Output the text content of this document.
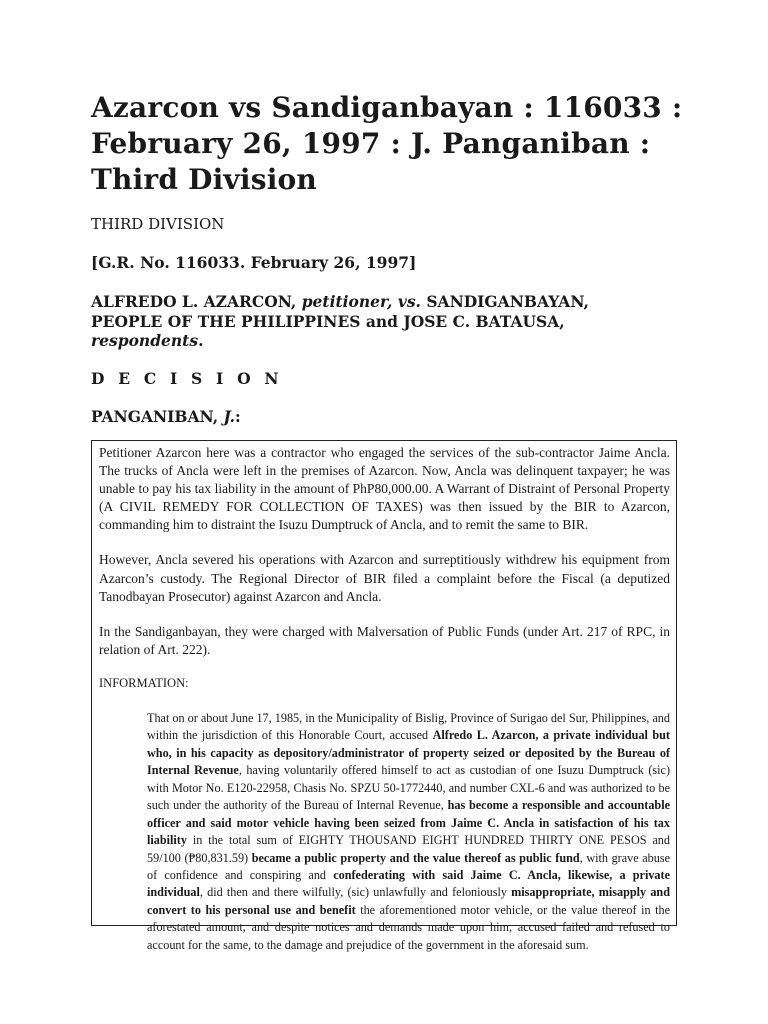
Azarcon vs Sandiganbayan : 116033 : February 26, 1997 : J. Panganiban : Third Division
THIRD DIVISION
[G.R. No. 116033. February 26, 1997]
ALFREDO L. AZARCON, petitioner, vs. SANDIGANBAYAN, PEOPLE OF THE PHILIPPINES and JOSE C. BATAUSA, respondents.
D E C I S I O N
PANGANIBAN, J.:

Petitioner Azarcon here was a contractor who engaged the services of the sub-contractor Jaime Ancla. The trucks of Ancla were left in the premises of Azarcon. Now, Ancla was delinquent taxpayer; he was unable to pay his tax liability in the amount of PhP80,000.00. A Warrant of Distraint of Personal Property (A CIVIL REMEDY FOR COLLECTION OF TAXES) was then issued by the BIR to Azarcon, commanding him to distraint the Isuzu Dumptruck of Ancla, and to remit the same to BIR.

However, Ancla severed his operations with Azarcon and surreptitiously withdrew his equipment from Azarcon’s custody. The Regional Director of BIR filed a complaint before the Fiscal (a deputized Tanodbayan Prosecutor) against Azarcon and Ancla.

In the Sandiganbayan, they were charged with Malversation of Public Funds (under Art. 217 of RPC, in relation of Art. 222).

INFORMATION:

That on or about June 17, 1985, in the Municipality of Bislig, Province of Surigao del Sur, Philippines, and within the jurisdiction of this Honorable Court, accused Alfredo L. Azarcon, a private individual but who, in his capacity as depository/administrator of property seized or deposited by the Bureau of Internal Revenue, having voluntarily offered himself to act as custodian of one Isuzu Dumptruck (sic) with Motor No. E120-22958, Chasis No. SPZU 50-1772440, and number CXL-6 and was authorized to be such under the authority of the Bureau of Internal Revenue, has become a responsible and accountable officer and said motor vehicle having been seized from Jaime C. Ancla in satisfaction of his tax liability in the total sum of EIGHTY THOUSAND EIGHT HUNDRED THIRTY ONE PESOS and 59/100 (₱80,831.59) became a public property and the value thereof as public fund, with grave abuse of confidence and conspiring and confederating with said Jaime C. Ancla, likewise, a private individual, did then and there wilfully, (sic) unlawfully and feloniously misappropriate, misapply and convert to his personal use and benefit the aforementioned motor vehicle, or the value thereof in the aforestated amount, and despite notices and demands made upon him, accused failed and refused to account for the same, to the damage and prejudice of the government in the aforesaid sum.
